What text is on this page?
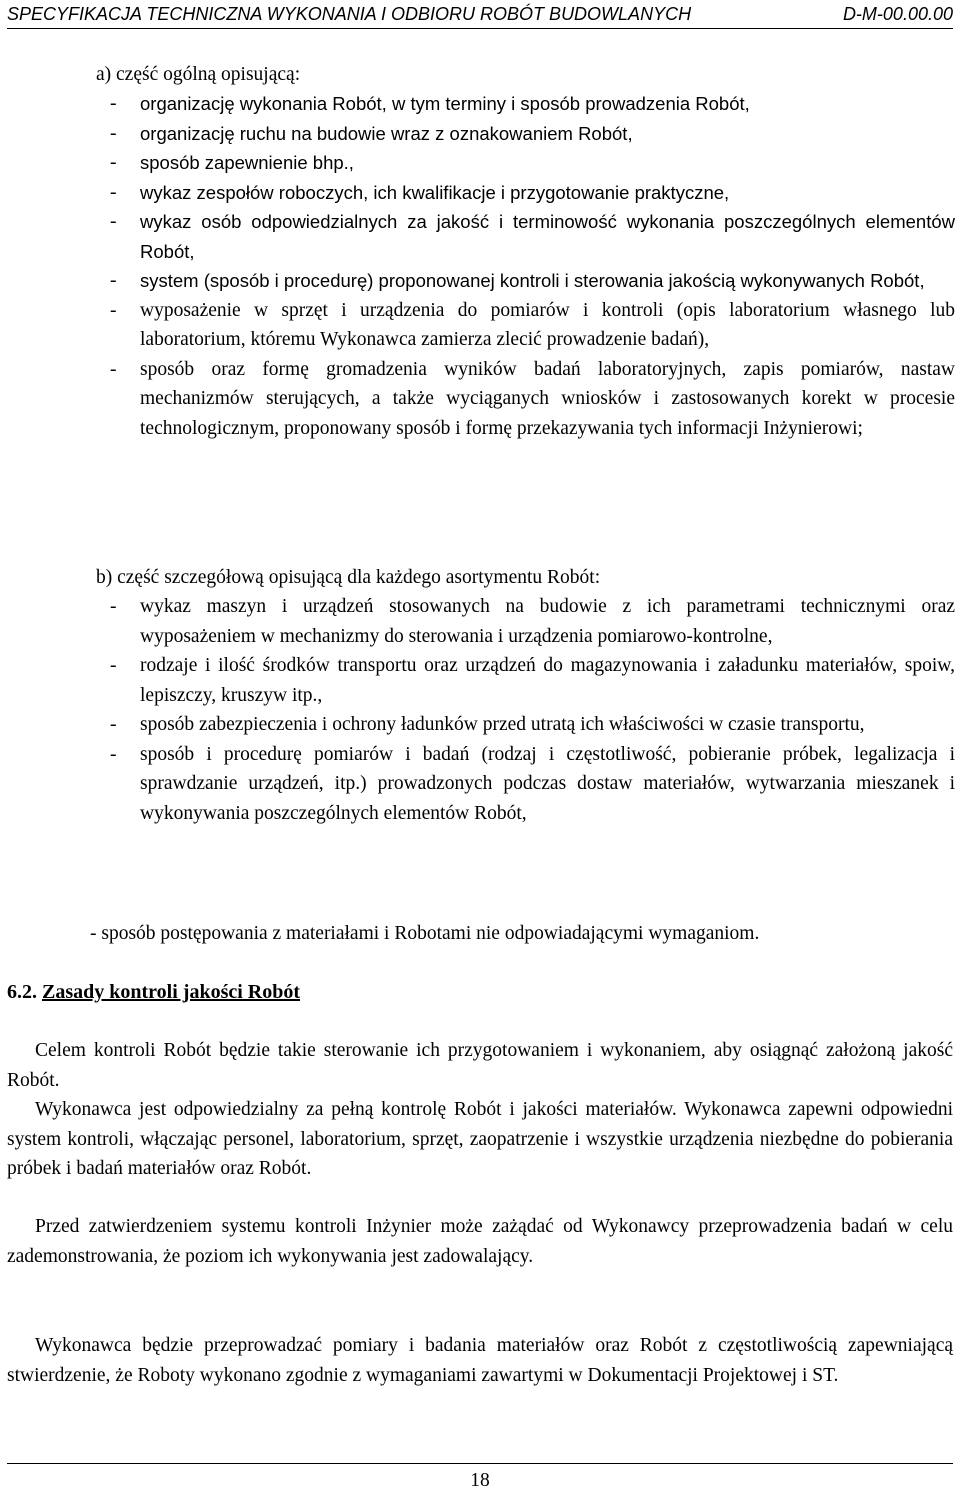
SPECYFIKACJA TECHNICZNA WYKONANIA I ODBIORU ROBÓT BUDOWLANYCH	D-M-00.00.00
a) część ogólną opisującą:
-	organizację wykonania Robót, w tym terminy i sposób prowadzenia Robót,
-	organizację ruchu na budowie wraz z oznakowaniem Robót,
-	sposób zapewnienie bhp.,
-	wykaz zespołów roboczych, ich kwalifikacje i przygotowanie praktyczne,
-	wykaz osób odpowiedzialnych za jakość i terminowość wykonania poszczególnych elementów Robót,
-	system (sposób i procedurę) proponowanej kontroli i sterowania jakością wykonywanych Robót,
-	wyposażenie w sprzęt i urządzenia do pomiarów i kontroli (opis laboratorium własnego lub laboratorium, któremu Wykonawca zamierza zlecić prowadzenie badań),
-	sposób oraz formę gromadzenia wyników badań laboratoryjnych, zapis pomiarów, nastaw mechanizmów sterujących, a także wyciąganych wniosków i zastosowanych korekt w procesie technologicznym, proponowany sposób i formę przekazywania tych informacji Inżynierowi;
b) część szczegółową opisującą dla każdego asortymentu Robót:
-	wykaz maszyn i urządzeń stosowanych na budowie z ich parametrami technicznymi oraz wyposażeniem w mechanizmy do sterowania i urządzenia pomiarowo-kontrolne,
-	rodzaje i ilość środków transportu oraz urządzeń do magazynowania i załadunku materiałów, spoiw, lepiszczy, kruszyw itp.,
-	sposób zabezpieczenia i ochrony ładunków przed utratą ich właściwości w czasie transportu,
-	sposób i procedurę pomiarów i badań (rodzaj i częstotliwość, pobieranie próbek, legalizacja i sprawdzanie urządzeń, itp.) prowadzonych podczas dostaw materiałów, wytwarzania mieszanek i wykonywania poszczególnych elementów Robót,
- sposób postępowania z materiałami i Robotami nie odpowiadającymi wymaganiom.
6.2. Zasady kontroli jakości Robót

Celem kontroli Robót będzie takie sterowanie ich przygotowaniem i wykonaniem, aby osiągnąć założoną jakość Robót.

Wykonawca jest odpowiedzialny za pełną kontrolę Robót i jakości materiałów. Wykonawca zapewni odpowiedni system kontroli, włączając personel, laboratorium, sprzęt, zaopatrzenie i wszystkie urządzenia niezbędne do pobierania próbek i badań materiałów oraz Robót.

Przed zatwierdzeniem systemu kontroli Inżynier może zażądać od Wykonawcy przeprowadzenia badań w celu zademonstrowania, że poziom ich wykonywania jest zadowalający.

Wykonawca będzie przeprowadzać pomiary i badania materiałów oraz Robót z częstotliwością zapewniającą stwierdzenie, że Roboty wykonano zgodnie z wymaganiami zawartymi w Dokumentacji Projektowej i ST.

18
